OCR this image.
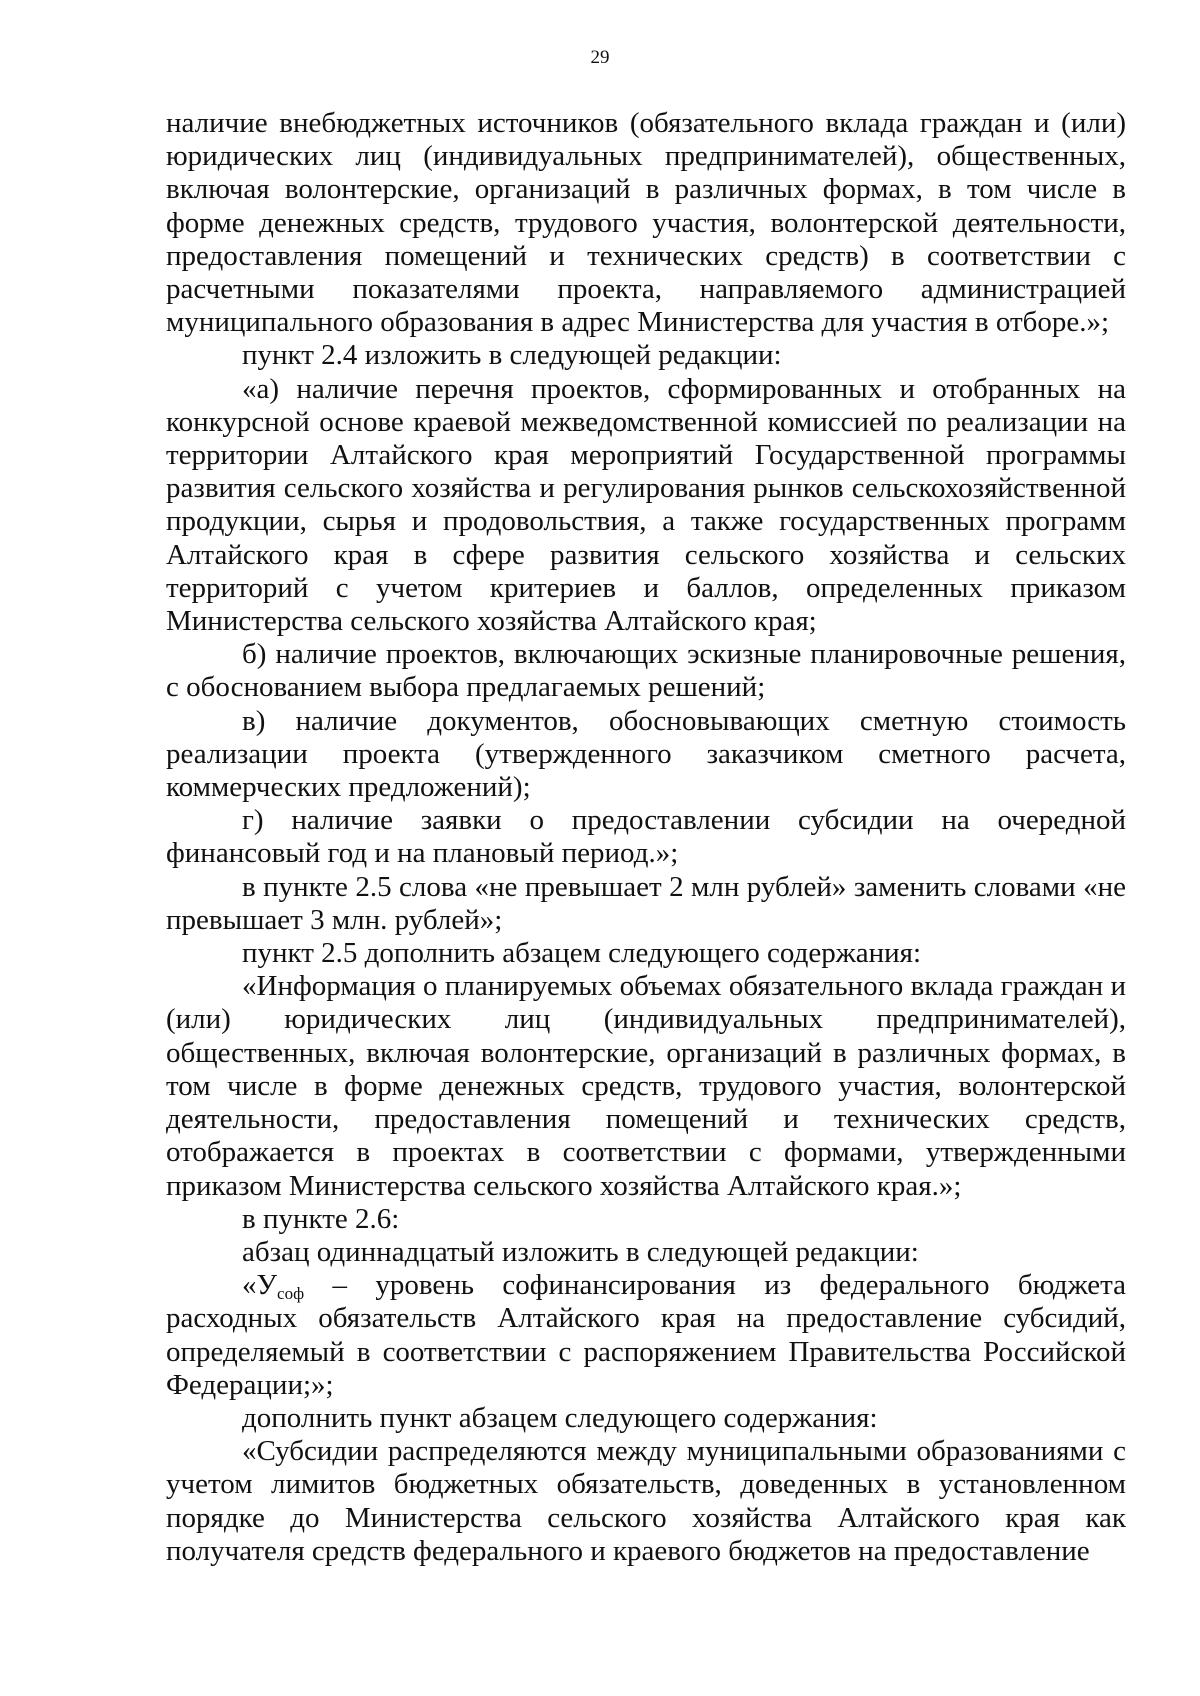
29

наличие внебюджетных источников (обязательного вклада граждан и (или) юридических лиц (индивидуальных предпринимателей), общественных, включая волонтерские, организаций в различных формах, в том числе в форме денежных средств, трудового участия, волонтерской деятельности, предоставления помещений и технических средств) в соответствии с расчетными показателями проекта, направляемого администрацией муниципального образования в адрес Министерства для участия в отборе.»;

пункт 2.4 изложить в следующей редакции:

«а) наличие перечня проектов, сформированных и отобранных на конкурсной основе краевой межведомственной комиссией по реализации на территории Алтайского края мероприятий Государственной программы развития сельского хозяйства и регулирования рынков сельскохозяйственной продукции, сырья и продовольствия, а также государственных программ Алтайского края в сфере развития сельского хозяйства и сельских территорий с учетом критериев и баллов, определенных приказом Министерства сельского хозяйства Алтайского края;

б) наличие проектов, включающих эскизные планировочные решения, с обоснованием выбора предлагаемых решений;

в) наличие документов, обосновывающих сметную стоимость реализации проекта (утвержденного заказчиком сметного расчета, коммерческих предложений);

г) наличие заявки о предоставлении субсидии на очередной финансовый год и на плановый период.»;

в пункте 2.5 слова «не превышает 2 млн рублей» заменить словами «не превышает 3 млн. рублей»;

пункт 2.5 дополнить абзацем следующего содержания:

«Информация о планируемых объемах обязательного вклада граждан и (или) юридических лиц (индивидуальных предпринимателей), общественных, включая волонтерские, организаций в различных формах, в том числе в форме денежных средств, трудового участия, волонтерской деятельности, предоставления помещений и технических средств, отображается в проектах в соответствии с формами, утвержденными приказом Министерства сельского хозяйства Алтайского края.»;

в пункте 2.6:

абзац одиннадцатый изложить в следующей редакции:

«$У_{соф}$ – уровень софинансирования из федерального бюджета расходных обязательств Алтайского края на предоставление субсидий, определяемый в соответствии с распоряжением Правительства Российской Федерации;»;

дополнить пункт абзацем следующего содержания:

«Субсидии распределяются между муниципальными образованиями с учетом лимитов бюджетных обязательств, доведенных в установленном порядке до Министерства сельского хозяйства Алтайского края как получателя средств федерального и краевого бюджетов на предоставление
